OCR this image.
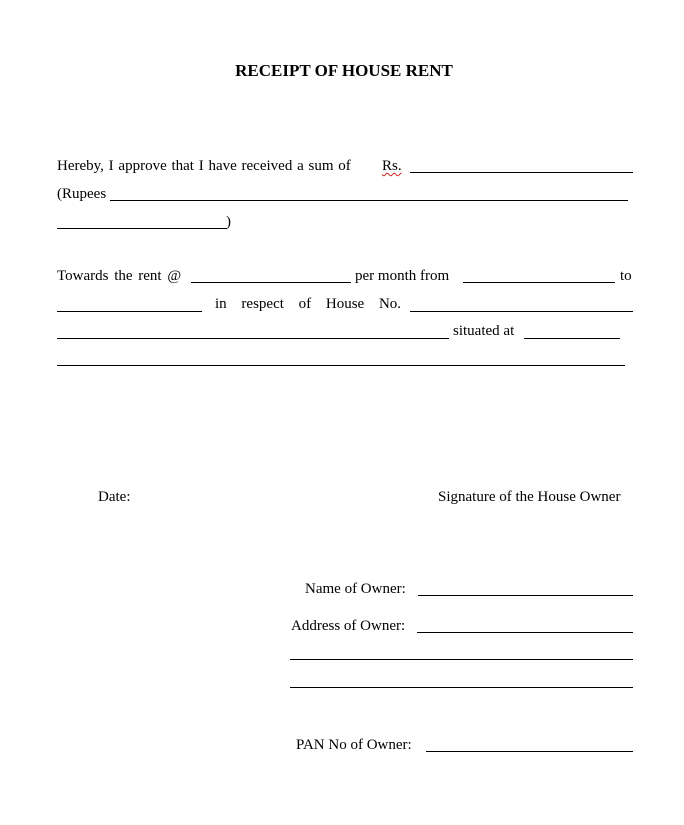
RECEIPT OF HOUSE RENT
Hereby, I approve that I have received a sum of Rs.
(Rupees
)
Towards the rent @	per month from	to
in respect of House No.
situated at
Date:	Signature of the House Owner
Name of Owner:
Address of Owner:
PAN No of Owner:
